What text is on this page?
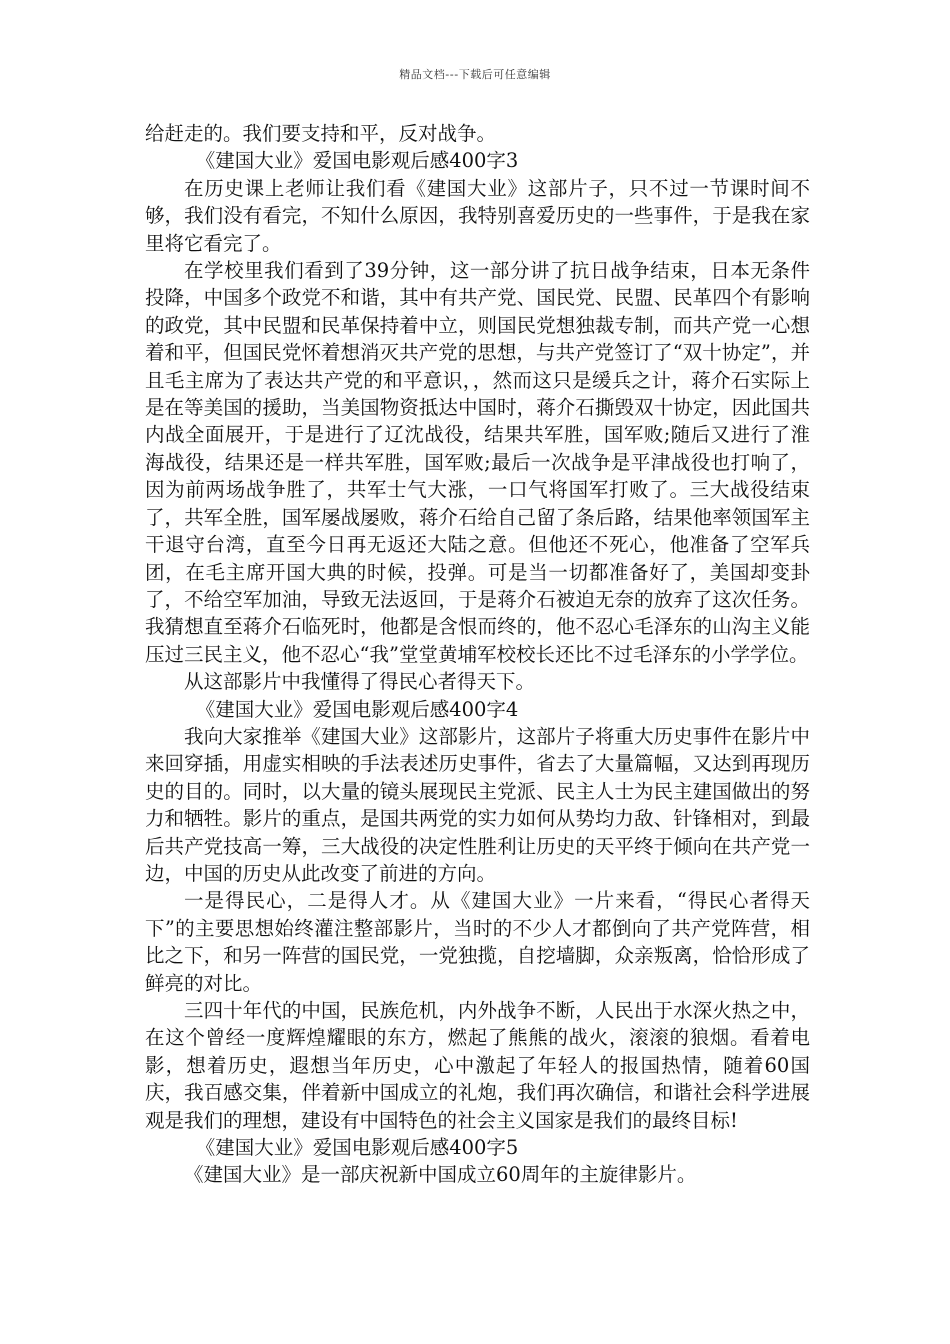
精品文档---下载后可任意编辑

给赶走的。我们要支持和平，反对战争。

《建国大业》爱国电影观后感400字3

在历史课上老师让我们看《建国大业》这部片子，只不过一节课时间不够，我们没有看完，不知什么原因，我特别喜爱历史的一些事件，于是我在家里将它看完了。

在学校里我们看到了39分钟，这一部分讲了抗日战争结束，日本无条件投降，中国多个政党不和谐，其中有共产党、国民党、民盟、民革四个有影响的政党，其中民盟和民革保持着中立，则国民党想独裁专制，而共产党一心想着和平，但国民党怀着想消灭共产党的思想，与共产党签订了“双十协定”，并且毛主席为了表达共产党的和平意识，，然而这只是缓兵之计，蒋介石实际上是在等美国的援助，当美国物资抵达中国时，蒋介石撕毁双十协定，因此国共内战全面展开，于是进行了辽沈战役，结果共军胜，国军败;随后又进行了淮海战役，结果还是一样共军胜，国军败;最后一次战争是平津战役也打响了，因为前两场战争胜了，共军士气大涨，一口气将国军打败了。三大战役结束了，共军全胜，国军屡战屡败，蒋介石给自己留了条后路，结果他率领国军主干退守台湾，直至今日再无返还大陆之意。但他还不死心，他准备了空军兵团，在毛主席开国大典的时候，投弹。可是当一切都准备好了，美国却变卦了，不给空军加油，导致无法返回，于是蒋介石被迫无奈的放弃了这次任务。我猜想直至蒋介石临死时，他都是含恨而终的，他不忍心毛泽东的山沟主义能压过三民主义，他不忍心“我”堂堂黄埔军校校长还比不过毛泽东的小学学位。

从这部影片中我懂得了得民心者得天下。

《建国大业》爱国电影观后感400字4

我向大家推举《建国大业》这部影片，这部片子将重大历史事件在影片中来回穿插，用虚实相映的手法表述历史事件，省去了大量篇幅，又达到再现历史的目的。同时，以大量的镜头展现民主党派、民主人士为民主建国做出的努力和牺牲。影片的重点，是国共两党的实力如何从势均力敌、针锋相对，到最后共产党技高一筹，三大战役的决定性胜利让历史的天平终于倾向在共产党一边，中国的历史从此改变了前进的方向。

一是得民心，二是得人才。从《建国大业》一片来看，“得民心者得天下”的主要思想始终灌注整部影片，当时的不少人才都倒向了共产党阵营，相比之下，和另一阵营的国民党，一党独揽，自挖墙脚，众亲叛离，恰恰形成了鲜亮的对比。

三四十年代的中国，民族危机，内外战争不断，人民出于水深火热之中，在这个曾经一度辉煌耀眼的东方，燃起了熊熊的战火，滚滚的狼烟。看着电影，想着历史，遐想当年历史，心中激起了年轻人的报国热情，随着60国庆，我百感交集，伴着新中国成立的礼炮，我们再次确信，和谐社会科学进展观是我们的理想，建设有中国特色的社会主义国家是我们的最终目标!

《建国大业》爱国电影观后感400字5

《建国大业》是一部庆祝新中国成立60周年的主旋律影片。
